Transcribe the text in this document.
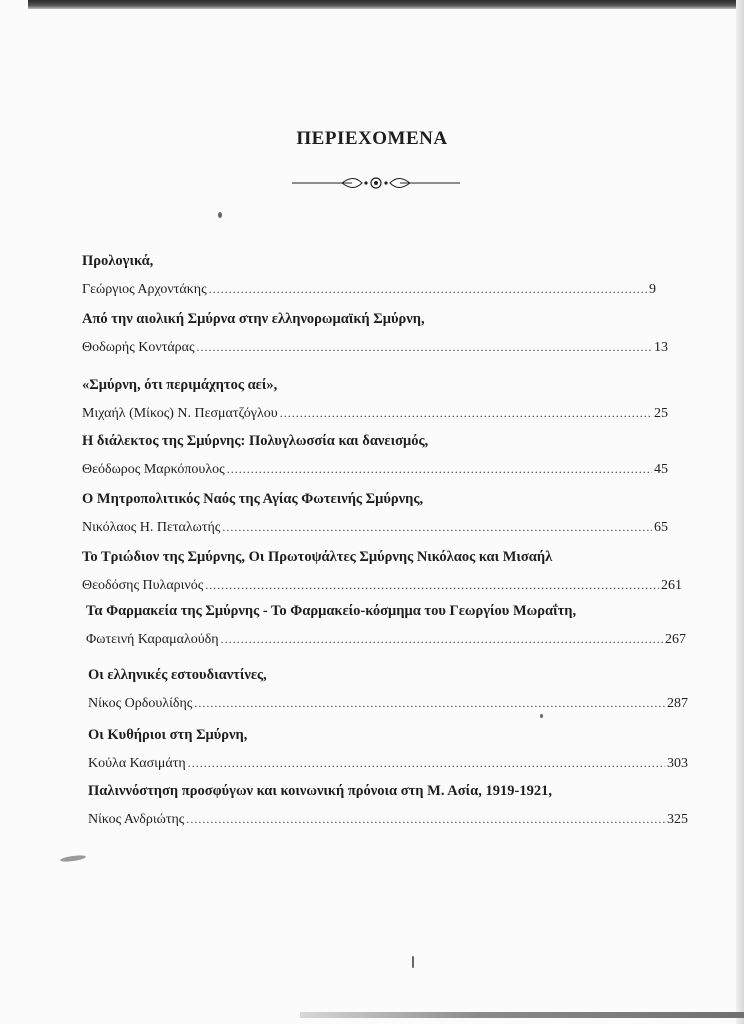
ΠΕΡΙΕΧΟΜΕΝΑ
Προλογικά,
Γεώργιος Αρχοντάκης .....	9
Από την αιολική Σμύρνα στην ελληνορωμαϊκή Σμύρνη,
Θοδωρής Κοντάρας .....	13
«Σμύρνη, ότι περιμάχητος αεί»,
Μιχαήλ (Μίκος) Ν. Πεσματζόγλου .....	25
Η διάλεκτος της Σμύρνης: Πολυγλωσσία και δανεισμός,
Θεόδωρος Μαρκόπουλος .....	45
Ο Μητροπολιτικός Ναός της Αγίας Φωτεινής Σμύρνης,
Νικόλαος Η. Πεταλωτής .....	65
Το Τριώδιον της Σμύρνης, Οι Πρωτοψάλτες Σμύρνης Νικόλαος και Μισαήλ
Θεοδόσης Πυλαρινός .....	261
Τα Φαρμακεία της Σμύρνης - Το Φαρμακείο-κόσμημα του Γεωργίου Μωραΐτη,
Φωτεινή Καραμαλούδη .....	267
Οι ελληνικές εστουδιαντίνες,
Νίκος Ορδουλίδης .....	287
Οι Κυθήριοι στη Σμύρνη,
Κούλα Κασιμάτη .....	303
Παλιννόστηση προσφύγων και κοινωνική πρόνοια στη Μ. Ασία, 1919-1921,
Νίκος Ανδριώτης .....	325
